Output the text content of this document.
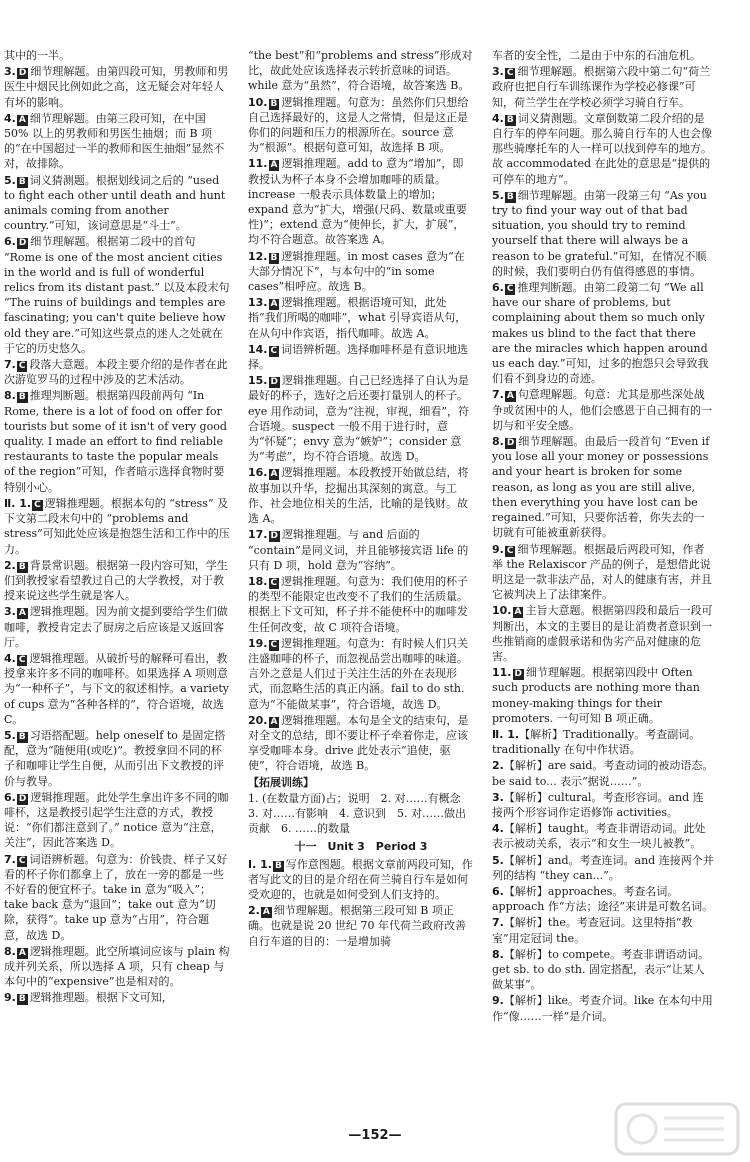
其中的一半。
3. D 细节理解题。由第四段可知，男教师和男医生中烟民比例如此之高，这无疑会对年轻人有坏的影响。
4. A 细节理解题。由第三段可知，在中国 50% 以上的男教师和男医生抽烟；而 B 项的“在中国超过一半的教师和医生抽烟”显然不对，故排除。
5. B 词义猜测题。根据划线词之后的 “used to fight each other until death and hunt animals coming from another country.”可知，该词意思是“斗士”。
6. D 细节理解题。根据第二段中的首句 “Rome is one of the most ancient cities in the world and is full of wonderful relics from its distant past.” 以及本段末句 “The ruins of buildings and temples are fascinating; you can't quite believe how old they are.”可知这些景点的迷人之处就在于它的历史悠久。
7. C 段落大意题。本段主要介绍的是作者在此次游览罗马的过程中涉及的艺术活动。
8. B 推理判断题。根据第四段前两句 “In Rome, there is a lot of food on offer for tourists but some of it isn't of very good quality. I made an effort to find reliable restaurants to taste the popular meals of the region”可知，作者暗示选择食物时要特别小心。
Ⅱ. 1. C 逻辑推理题。根据本句的 “stress” 及下文第二段末句中的 “problems and stress”可知此处应该是抱怨生活和工作中的压力。
2. B 背景常识题。根据第一段内容可知，学生们到教授家看望教过自己的大学教授，对于教授来说这些学生就是客人。
3. A 逻辑推理题。因为前文提到要给学生们做咖啡，教授肯定去了厨房之后应该是又返回客厅。
4. C 逻辑推理题。从破折号的解释可看出，教授拿来许多不同的咖啡杯。如果选择 A 项则意为“一种杯子”，与下文的叙述相悖。a variety of cups 意为“各种各样的”，符合语境，故选 C。
5. B 习语搭配题。help oneself to 是固定搭配，意为“随便用(或吃)”。教授拿回不同的杯子和咖啡让学生自便，从而引出下文教授的评价与教导。
6. D 逻辑推理题。此处学生拿出许多不同的咖啡杯，这是教授引起学生注意的方式，教授说：“你们都注意到了。” notice 意为“注意，关注”，因此答案选 D。
7. C 词语辨析题。句意为：价钱贵、样子又好看的杯子你们都拿上了，放在一旁的都是一些不好看的便宜杯子。take in 意为“吸入”；take back 意为“退回”；take out 意为“切除，获得”。take up 意为“占用”，符合题意，故选 D。
8. A 逻辑推理题。此空所填词应该与 plain 构成并列关系，所以选择 A 项，只有 cheap 与本句中的“expensive”也是相对的。
9. B 逻辑推理题。根据下文可知，
“the best”和“problems and stress”形成对比，故此处应该选择表示转折意味的词语。while 意为“虽然”，符合语境，故答案选 B。
10. B 逻辑推理题。句意为：虽然你们只想给自己选择最好的，这是人之常情，但是这正是你们的问题和压力的根源所在。source 意为“根源”。根据句意可知，故选择 B 项。
11. A 逻辑推理题。add to 意为“增加”，即教授认为杯子本身不会增加咖啡的质量。increase 一般表示具体数量上的增加；expand 意为“扩大，增强(尺码、数量或重要性)”；extend 意为“使伸长，扩大，扩展”，均不符合题意。故答案选 A。
12. B 逻辑推理题。in most cases 意为“在大部分情况下”，与本句中的“in some cases”相呼应。故选 B。
13. A 逻辑推理题。根据语境可知，此处指“我们所喝的咖啡”，what 引导宾语从句，在从句中作宾语，指代咖啡。故选 A。
14. C 词语辨析题。选择咖啡杯是有意识地选择。
15. D 逻辑推理题。自己已经选择了自认为是最好的杯子，选好之后还要打量别人的杯子。eye 用作动词，意为“注视，审视，细看”，符合语境。suspect 一般不用于进行时，意为“怀疑”；envy 意为“嫉妒”；consider 意为“考虑”，均不符合语境。故选 D。
16. A 逻辑推理题。本段教授开始做总结，将故事加以升华，挖掘出其深刻的寓意。与工作、社会地位相关的生活，比喻的是钱财。故选 A。
17. D 逻辑推理题。与 and 后面的 “contain”是同义词，并且能够接宾语 life 的只有 D 项，hold 意为“容纳”。
18. C 逻辑推理题。句意为：我们使用的杯子的类型不能限定也改变不了我们的生活质量。根据上下文可知，杯子并不能使杯中的咖啡发生任何改变，故 C 项符合语境。
19. C 逻辑推理题。句意为：有时候人们只关注盛咖啡的杯子，而忽视品尝出咖啡的味道。言外之意是人们过于关注生活的外在表现形式，而忽略生活的真正内涵。fail to do sth. 意为“不能做某事”，符合语境，故选 D。
20. A 逻辑推理题。本句是全文的结束句，是对全文的总结，即不要让杯子牵着你走，应该享受咖啡本身。drive 此处表示“追使，驱使”，符合语境，故选 B。
【拓展训练】
1. (在数量方面)占；说明　2. 对……有概念　3. 对……有影响　4. 意识到　5. 对……做出贡献　6. ……的数量
十一　Unit 3　Period 3
Ⅰ. 1. B 写作意图题。根据文章前两段可知，作者写此文的目的是介绍在荷兰骑自行车是如何受欢迎的，也就是如何受到人们支持的。
2. A 细节理解题。根据第三段可知 B 项正确。也就是说 20 世纪 70 年代荷兰政府改善自行车道的目的：一是增加骑
车者的安全性，二是由于中东的石油危机。
3. C 细节理解题。根据第六段中第二句“荷兰政府也把自行车训练课作为学校必修课”可知，荷兰学生在学校必须学习骑自行车。
4. B 词义猜测题。文章倒数第二段介绍的是自行车的停车问题。那么骑自行车的人也会像那些骑摩托车的人一样可以找到停车的地方。故 accommodated 在此处的意思是“提供的可停车的地方”。
5. B 细节理解题。由第一段第三句 “As you try to find your way out of that bad situation, you should try to remind yourself that there will always be a reason to be grateful.”可知，在情况不顺的时候，我们要明白仍有值得感恩的事情。
6. C 推理判断题。由第二段第二句 “We all have our share of problems, but complaining about them so much only makes us blind to the fact that there are the miracles which happen around us each day.”可知，过多的抱怨只会导致我们看不到身边的奇迹。
7. A 句意理解题。句意：尤其是那些深处战争或贫困中的人，他们会感恩于自己拥有的一切与和平安全感。
8. D 细节理解题。由最后一段首句 “Even if you lose all your money or possessions and your heart is broken for some reason, as long as you are still alive, then everything you have lost can be regained.”可知，只要你活着，你失去的一切就有可能被重新获得。
9. C 细节理解题。根据最后两段可知，作者举 the Relaxiscor 产品的例子，是想借此说明这是一款非法产品，对人的健康有害，并且它被判决上了法律案件。
10. A 主旨大意题。根据第四段和最后一段可判断出，本文的主要目的是让消费者意识到一些推销商的虚假承诺和伪劣产品对健康的危害。
11. D 细节理解题。根据第四段中 Often such products are nothing more than money-making things for their promoters. 一句可知 B 项正确。
Ⅱ. 1.【解析】Traditionally。考查副词。traditionally 在句中作状语。
2.【解析】are said。考查动词的被动语态。be said to... 表示“据说……”。
3.【解析】cultural。考查形容词。and 连接两个形容词作定语修饰 activities。
4.【解析】taught。考查非谓语动词。此处表示被动关系，表示“和女生一块儿被教”。
5.【解析】and。考查连词。and 连接两个并列的结构 “they can...”。
6.【解析】approaches。考查名词。approach 作“方法；途径”来讲是可数名词。
7.【解析】the。考查冠词。这里特指“教室”用定冠词 the。
8.【解析】to compete。考查非谓语动词。get sb. to do sth. 固定搭配，表示“让某人做某事”。
9.【解析】like。考查介词。like 在本句中用作“像……一样”是介词。
—152—
